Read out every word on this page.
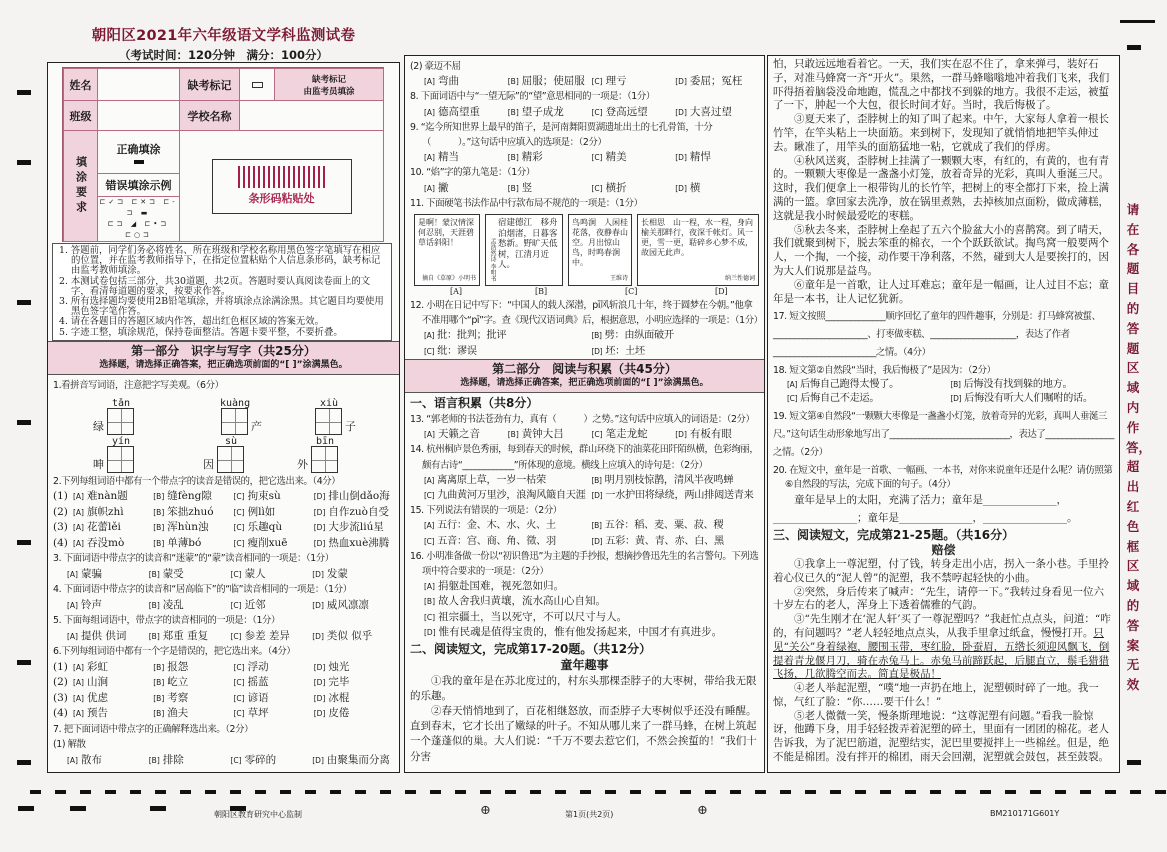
朝阳区2021年六年级语文学科监测试卷
（考试时间：120分钟　满分：100分）
姓名	缺考标记	缺考标记
由监考员填涂
班级	学校名称
填涂要求
正确填涂
错误填涂示例
⊏✓⊐ ⊏✕⊐ ⊏‐⊐ ▬
⊏⊐ ◢ ⊏•⊐ ⊏○⊐
条形码粘贴处
1. 答题前，同学们务必将姓名、所在班级和学校名称用黑色签字笔填写在相应的位置，并在监考教师指导下，在指定位置粘贴个人信息条形码，缺考标记由监考教师填涂。
2. 本测试卷包括三部分，共30道题，共2页。答题时要认真阅读卷面上的文字，看清每道题的要求，按要求作答。
3. 所有选择题均要使用2B铅笔填涂，并将填涂点涂满涂黑。其它题目均要使用黑色签字笔作答。
4. 请在各题目的答题区域内作答，超出红色框区域的答案无效。
5. 字迹工整，填涂规范，保持卷面整洁。答题卡要平整，不要折叠。
第一部分　识字与写字（共25分）
选择题，请选择正确答案，把正确选项前面的“[ ]”涂满黑色。
1.看拼音写词语，注意把字写美观。（6分）
绿
tǎn	kuàng
产
xiù
子
呻
yín
因
sù
外
bīn
2.下列每组词语中都有一个带点字的读音是错误的，把它选出来。（4分）
(1) [A] 难nàn题	[B] 缝fèng隙	[C] 拘束sù	[D] 排山倒dǎo海
(2) [A] 旗帜zhì	[B] 笨拙zhuó	[C] 例lì如	[D] 自作zuò自受
(3) [A] 花蕾lěi	[B] 浑hùn浊	[C] 乐趣qù	[D] 大步流liú星
(4) [A] 吞没mò	[B] 单薄bó	[C] 瘦削xuē	[D] 热血xuè沸腾
3. 下面词语中带点字的读音和“迷蒙”的“蒙”读音相同的一项是：（1分）
[A] 蒙骗	[B] 蒙受	[C] 蒙人	[D] 发蒙
4. 下面词语中带点字的读音和“居高临下”的“临”读音相同的一项是：（1分）
[A] 铃声	[B] 凌乱	[C] 近邻	[D] 威风凛凛
5. 下面每组词语中，带点字的读音相同的一项是：（1分）
[A] 提供 供词	[B] 郑重 重复	[C] 参差 差异	[D] 类似 似乎
6.下列每组词语中都有一个字是错误的，把它选出来。（4分）
(1) [A] 彩虹	[B] 报怨	[C] 浮动	[D] 烛光
(2) [A] 山涧	[B] 屹立	[C] 摇蓝	[D] 完毕
(3) [A] 优虑	[B] 考察	[C] 谚语	[D] 冰棍
(4) [A] 预告	[B] 渔夫	[C] 草坪	[D] 皮倦
7. 把下面词语中带点字的正确解释选出来。（2分）
(1) 解散
[A] 散布	[B] 排除	[C] 零碎的	[D] 由聚集而分离
(2) 豪迈不屈
[A] 弯曲	[B] 屈服；使屈服 [C] 理亏	[D] 委屈；冤枉
8. 下面词语中与“一望无际”的“望”意思相同的一项是：（1分）
[A] 德高望重	[B] 望子成龙	[C] 登高远望	[D] 大喜过望
9. “迄今所知世界上最早的笛子，是河南舞阳贾湖遗址出土的七孔骨笛，十分（　　　）。”这句话中应填入的选项是：（2分）
[A] 精当	[B] 精彩	[C] 精美	[D] 精悍
10. “焰”字的第九笔是：（1分）
[A] 撇	[B] 竖	[C] 横折	[D] 横
11. 下面硬笔书法作品中行款布局不规范的一项是：（1分）
是啊！蒙汉情深何忍别，天涯碧草话斜阳！
摘自《草原》小明书
宿建德江　移舟泊烟渚，日暮客愁新。野旷天低树，江清月近人。
孟浩然诗 李明书
鸟鸣涧　人闲桂花落，夜静春山空。月出惊山鸟，时鸣春涧中。
王维诗
长相思　山一程，水一程，身向榆关那畔行，夜深千帐灯。风一更，雪一更，聒碎乡心梦不成，故园无此声。
纳兰性德词
[A]	[B]	[C]	[D]
12. 小明在日记中写下：“中国人的载人深潜，pī风斩浪几十年，终于圆梦在今朝。”他拿不准用哪个“pī”字。查《现代汉语词典》后，根据意思，小明应选择的一项是：（1分）
[A] 批：批判；批评	[B] 劈：由纵面破开
[C] 纰：谬误	[D] 坯：土坯
第二部分　阅读与积累（共45分）
选择题，请选择正确答案，把正确选项前面的“[ ]”涂满黑色。
一、语言积累（共8分）
13. “郭老师的书法苍劲有力，真有（　　　）之势。”这句话中应填入的词语是：（2分）
[A] 天籁之音	[B] 黄钟大吕	[C] 笔走龙蛇	[D] 有板有眼
14. 杭州桐庐景色秀丽，每到春天的时候，群山环绕下的油菜花田阡陌纵横，色彩绚丽，颇有古诗“____________”所体现的意境。横线上应填入的诗句是：（2分）
[A] 离离原上草，一岁一枯荣	[B] 明月别枝惊鹊，清风半夜鸣蝉
[C] 九曲黄河万里沙，浪淘风簸自天涯 [D] 一水护田将绿绕，两山排闼送青来
15. 下列说法有错误的一项是：（2分）
[A] 五行：金、木、水、火、土	[B] 五谷：稻、麦、粟、菽、稷
[C] 五音：宫、商、角、徵、羽	[D] 五彩：黄、青、赤、白、黑
16. 小明准备做一份以“初识鲁迅”为主题的手抄报，想摘抄鲁迅先生的名言警句。下列选项中符合要求的一项是：（2分）
[A] 捐躯赴国难，视死忽如归。
[B] 故人舍我归黄壤，流水高山心自知。
[C] 祖宗疆土，当以死守，不可以尺寸与人。
[D] 惟有民魂是值得宝贵的，惟有他发扬起来，中国才有真进步。
二、阅读短文，完成第17-20题。（共12分）
童年趣事
①我的童年是在苏北度过的，村东头那棵歪脖子的大枣树，带给我无限的乐趣。
②春天悄悄地到了，百花相继怒放，而歪脖子大枣树似乎还没有睡醒。直到春末，它才长出了嫩绿的叶子。不知从哪儿来了一群马蜂，在树上筑起一个蓬蓬似的巢。大人们说：“千万不要去惹它们，不然会挨蜇的！”我们十分害
怕，只敢远远地看着它。一天，我们实在忍不住了，拿来弹弓，装好石子，对准马蜂窝一齐“开火”。果然，一群马蜂嗡嗡地冲着我们飞来，我们吓得捂着脑袋没命地跑，慌乱之中都找不到躲的地方。我很不走运，被蜇了一下，肿起一个大包，很长时间才好。当时，我后悔极了。
③夏天来了，歪脖树上的知了叫了起来。中午，大家每人拿着一根长竹竿，在竿头粘上一块面筋。来到树下，发现知了就悄悄地把竿头伸过去。瞅准了，用竿头的面筋猛地一粘，它就成了我们的俘虏。
④秋风送爽，歪脖树上挂满了一颗颗大枣，有红的，有黄的，也有青的。一颗颗大枣像是一盏盏小灯笼，放着奇异的光彩，真叫人垂涎三尺。这时，我们便拿上一根带钩儿的长竹竿，把树上的枣全都打下来，捡上满满的一篮。拿回家去洗净，放在锅里煮熟，去掉核加点面粉，做成薄糕，这就是我小时候最爱吃的枣糕。
⑤秋去冬来，歪脖树上垒起了五六个脸盆大小的喜鹊窝。到了晴天，我们就聚到树下，脱去笨重的棉衣，一个个跃跃欲试。掏鸟窝一般要两个人，一个掏，一个接，动作要干净利落，不然，碰到大人是要挨打的，因为大人们说那是益鸟。
⑥童年是一首歌，让人过耳难忘；童年是一幅画，让人过目不忘；童年是一本书，让人记忆犹新。
17. 短文按照______________顺序回忆了童年的四件趣事，分别是：打马蜂窝被蜇、______________________、打枣做枣糕、____________________，表达了作者________________________之情。（4分）
18. 短文第②自然段“当时，我后悔极了”是因为：（2分）
[A] 后悔自己跑得太慢了。	[B] 后悔没有找到躲的地方。
[C] 后悔自己不走运。	[D] 后悔没有听大人们嘱咐的话。
19. 短文第④自然段“一颗颗大枣像是一盏盏小灯笼，放着奇异的光彩，真叫人垂涎三尺。”这句话生动形象地写出了____________________________，表达了________________之情。（2分）
20. 在短文中，童年是一首歌、一幅画、一本书，对你来说童年还是什么呢？请仿照第⑥自然段的写法，完成下面的句子。（4分）
童年是早上的太阳，充满了活力；童年是______________，________________；童年是______________，________________。
三、阅读短文，完成第21-25题。（共16分）
赔偿
①我拿上一尊泥塑，付了钱，转身走出小店，拐入一条小巷。手里拎着心仪已久的“泥人曾”的泥塑，我不禁哼起轻快的小曲。
②突然，身后传来了喊声：“先生，请停一下。”我转过身看见一位六十岁左右的老人，浑身上下透着儒雅的气韵。
③“先生刚才在‘泥人轩’买了一尊泥塑吗？”我赶忙点点头，问道：“咋的，有问题吗？”老人轻轻地点点头，从我手里拿过纸盒，慢慢打开。只见“关公”身着绿袍，腰围玉带，枣红脸，卧蚕眉，五绺长须迎风飘飞，倒提着青龙偃月刀，骑在赤兔马上。赤兔马前蹄跃起，后腿直立，鬃毛猎猎飞扬，几欲腾空而去。简直是极品！
④老人举起泥塑，“噗”地一声扔在地上，泥塑顿时碎了一地。我一惊，气红了脸：“你……要干什么！”
⑤老人微微一笑，慢条斯理地说：“这尊泥塑有问题。”看我一脸惊讶，他蹲下身，用手轻轻拨弄着泥塑的碎土，里面有一团团的棉花。老人告诉我，为了泥巴筋道，泥塑结实，泥巴里要搅拌上一些棉丝。但是，绝不能是棉团。没有拌开的棉团，雨天会回潮，泥塑就会鼓包，甚至鼓裂。
请在各题目的答题区域内作答，超出红色框区域的答案无效
朝阳区教育研究中心监制	⊕	第1页(共2页)	⊕	BM210171G601Y
